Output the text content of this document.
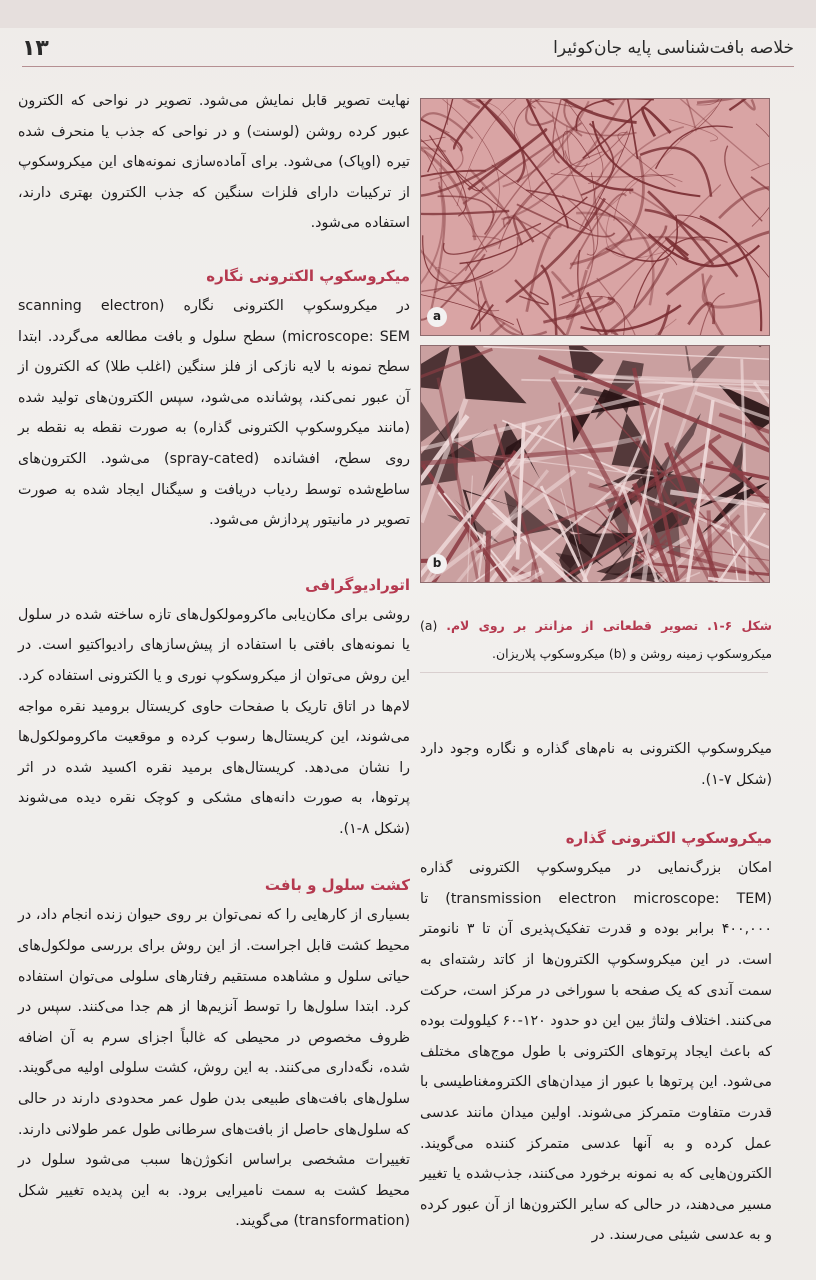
۱۳	خلاصه بافت‌شناسی پایه جان‌کوئیرا

نهایت تصویر قابل نمایش می‌شود. تصویر در نواحی که الکترون عبور کرده روشن (لوسنت) و در نواحی که جذب یا منحرف شده تیره (اوپاک) می‌شود. برای آماده‌سازی نمونه‌های این میکروسکوپ از ترکیبات دارای فلزات سنگین که جذب الکترون بهتری دارند، استفاده می‌شود.

میکروسکوپ الکترونی نگاره

در میکروسکوپ الکترونی نگاره (scanning electron microscope: SEM) سطح سلول و بافت مطالعه می‌گردد. ابتدا سطح نمونه با لایه نازکی از فلز سنگین (اغلب طلا) که الکترون از آن عبور نمی‌کند، پوشانده می‌شود، سپس الکترون‌های تولید شده (مانند میکروسکوپ الکترونی گذاره) به صورت نقطه به نقطه بر روی سطح، افشانده (spray-cated) می‌شود. الکترون‌های ساطع‌شده توسط ردیاب دریافت و سیگنال ایجاد شده به صورت تصویر در مانیتور پردازش می‌شود.

اتورادیوگرافی

روشی برای مکان‌یابی ماکرومولکول‌های تازه ساخته شده در سلول یا نمونه‌های بافتی با استفاده از پیش‌سازهای رادیواکتیو است. در این روش می‌توان از میکروسکوپ نوری و یا الکترونی استفاده کرد. لام‌ها در اتاق تاریک با صفحات حاوی کریستال برومید نقره مواجه می‌شوند، این کریستال‌ها رسوب کرده و موقعیت ماکرومولکول‌ها را نشان می‌دهد. کریستال‌های برمید نقره اکسید شده در اثر پرتوها، به صورت دانه‌های مشکی و کوچک نقره دیده می‌شوند (شکل ۸-۱).

کشت سلول و بافت

بسیاری از کارهایی را که نمی‌توان بر روی حیوان زنده انجام داد، در محیط کشت قابل اجراست. از این روش برای بررسی مولکول‌های حیاتی سلول و مشاهده مستقیم رفتارهای سلولی می‌توان استفاده کرد. ابتدا سلول‌ها را توسط آنزیم‌ها از هم جدا می‌کنند. سپس در ظروف مخصوص در محیطی که غالباً اجزای سرم به آن اضافه شده، نگه‌داری می‌کنند. به این روش، کشت سلولی اولیه می‌گویند. سلول‌های بافت‌های طبیعی بدن طول عمر محدودی دارند در حالی که سلول‌های حاصل از بافت‌های سرطانی طول عمر طولانی دارند. تغییرات مشخصی براساس انکوژن‌ها سبب می‌شود سلول در محیط کشت به سمت نامیرایی برود. به این پدیده تغییر شکل (transformation) می‌گویند.

a
b
شکل ۶-۱. تصویر قطعاتی از مزانتر بر روی لام. (a) میکروسکوپ زمینه روشن و (b) میکروسکوپ پلاریزان.

میکروسکوپ الکترونی به نام‌های گذاره و نگاره وجود دارد (شکل ۷-۱).

میکروسکوپ الکترونی گذاره

امکان بزرگ‌نمایی در میکروسکوپ الکترونی گذاره (transmission electron microscope: TEM) تا ۴۰۰,۰۰۰ برابر بوده و قدرت تفکیک‌پذیری آن تا ۳ نانومتر است. در این میکروسکوپ الکترون‌ها از کاتد رشته‌ای به سمت آندی که یک صفحه با سوراخی در مرکز است، حرکت می‌کنند. اختلاف ولتاژ بین این دو حدود ۱۲۰-۶۰ کیلوولت بوده که باعث ایجاد پرتوهای الکترونی با طول موج‌های مختلف می‌شود. این پرتوها با عبور از میدان‌های الکترومغناطیسی با قدرت متفاوت متمرکز می‌شوند. اولین میدان مانند عدسی عمل کرده و به آنها عدسی متمرکز کننده می‌گویند. الکترون‌هایی که به نمونه برخورد می‌کنند، جذب‌شده یا تغییر مسیر می‌دهند، در حالی که سایر الکترون‌ها از آن عبور کرده و به عدسی شیئی می‌رسند. در
